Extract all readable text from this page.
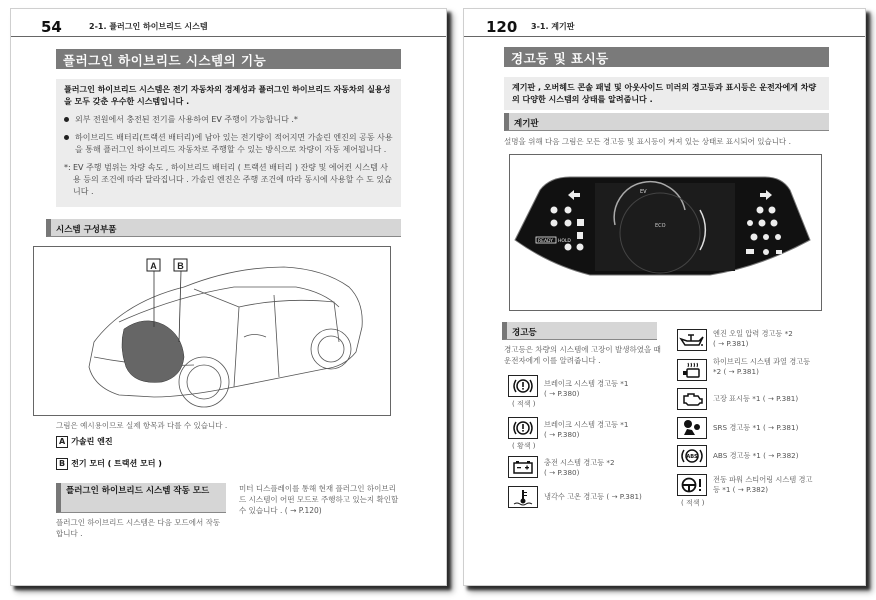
54	2-1. 플러그인 하이브리드 시스템
플러그인 하이브리드 시스템의 기능
플러그인 하이브리드 시스템은 전기 자동차의 경제성과 플러그인 하이브리드 자동차의 실용성을 모두 갖춘 우수한 시스템입니다 .
외부 전원에서 충전된 전기를 사용하여 EV 주행이 가능합니다 .*
하이브리드 배터리(트랙션 배터리)에 남아 있는 전기량이 적어지면 가솔린 엔진의 공동 사용을 통해 플러그인 하이브리드 자동차로 주행할 수 있는 방식으로 차량이 자동 제어됩니다 .
*: EV 주행 범위는 차량 속도 , 하이브리드 배터리 ( 트랙션 배터리 ) 잔량 및 에어컨 시스템 사용 등의 조건에 따라 달라집니다 . 가솔린 엔진은 주행 조건에 따라 동시에 사용할 수 도 있습니다 .
시스템 구성부품
A B
그림은 예시용이므로 실제 항목과 다를 수 있습니다 .
A 가솔린 엔진
B 전기 모터 ( 트랙션 모터 )
플러그인 하이브리드 시스템 작동 모드
플러그인 하이브리드 시스템은 다음 모드에서 작동합니다 .
미터 디스플레이를 통해 현재 플러그인 하이브리드 시스템이 어떤 모드로 주행하고 있는지 확인할 수 있습니다 . ( → P.120)
120 3-1. 계기판
경고등 및 표시등
계기판 , 오버헤드 콘솔 패널 및 아웃사이드 미러의 경고등과 표시등은 운전자에게 차량의 다양한 시스템의 상태를 알려줍니다 .
계기판
설명을 위해 다음 그림은 모든 경고등 및 표시등이 켜져 있는 상태로 표시되어 있습니다 .
ECO
EV
READY HOLD
경고등
경고등은 차량의 시스템에 고장이 발생하였을 때 운전자에게 이를 알려줍니다 .
브레이크 시스템 경고등 *1
( → P.380)
( 적색 )
브레이크 시스템 경고등 *1
( → P.380)
( 황색 )
충전 시스템 경고등 *2
( → P.380)
냉각수 고온 경고등 ( → P.381)
엔진 오일 압력 경고등 *2
( → P.381)
하이브리드 시스템 과열 경고등
*2 ( → P.381)
고장 표시등 *1 ( → P.381)
SRS 경고등 *1 ( → P.381)
ABS ABS 경고등 *1 ( → P.382)
전동 파워 스티어링 시스템 경고
등 *1 ( → P.382)
( 적색 )
